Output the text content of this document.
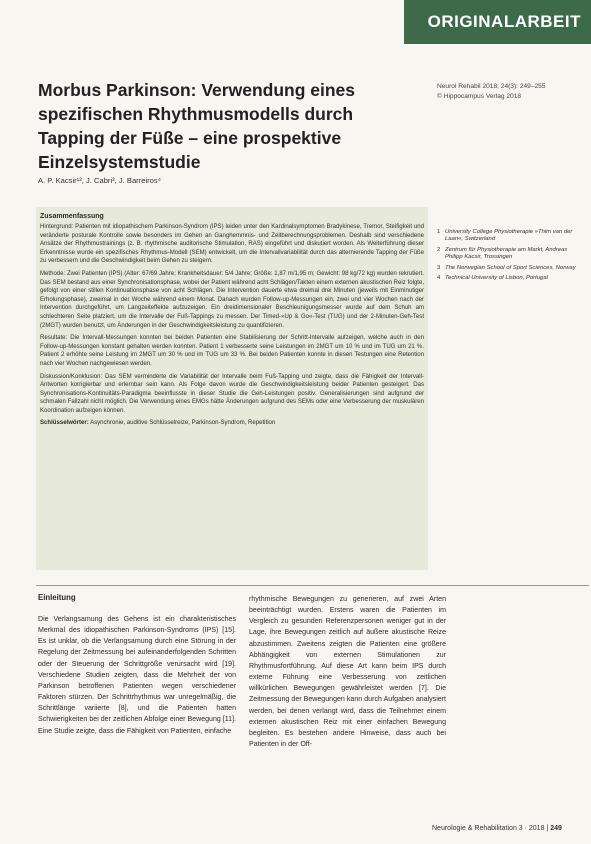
ORIGINALARBEIT
Morbus Parkinson: Verwendung eines spezifischen Rhythmusmodells durch Tapping der Füße – eine prospektive Einzelsystemstudie
A. P. Kacsir¹², J. Cabri³, J. Barreiros⁴
Neurol Rehabil 2018; 24(3): 249–255
© Hippocampus Verlag 2018
Zusammenfassung

Hintergrund: Patienten mit idiopathischem Parkinson-Syndrom (IPS) leiden unter den Kardinalsymptomen Bradykinese, Tremor, Steifigkeit und veränderte posturale Kontrolle sowie besonders im Gehen an Ganghemmnis- und Zeitberechnungsproblemen. Deshalb sind verschiedene Ansätze der Rhythmustrainings (z. B. rhythmische auditorische Stimulation, RAS) eingeführt und diskutiert worden. Als Weiterführung dieser Erkenntnisse wurde ein spezifisches Rhythmus-Modell (SEM) entwickelt, um die Intervallvariabilität durch das alternierende Tapping der Füße zu verbessern und die Geschwindigkeit beim Gehen zu steigern.

Methode: Zwei Patienten (IPS) (Alter: 67/69 Jahre; Krankheitsdauer: 5/4 Jahre; Größe: 1,87 m/1,95 m; Gewicht: 98 kg/72 kg) wurden rekrutiert. Das SEM bestand aus einer Synchronisationsphase, wobei der Patient während acht Schlägen/Takten einem externen akustischen Reiz folgte, gefolgt von einer stillen Kontinuationsphase von acht Schlägen. Die Intervention dauerte etwa dreimal drei Minuten (jeweils mit Einminutiger Erholungsphase), zweimal in der Woche während einem Monat. Danach wurden Follow-up-Messungen ein, zwei und vier Wochen nach der Intervention durchgeführt, um Langzeiteffekte aufzuzeigen. Ein dreidimensionaler Beschleunigungsmesser wurde auf dem Schuh am schlechteren Seite platziert, um die Intervalle der Fuß-Tappings zu messen. Der Timed-»Up & Go«-Test (TUG) und der 2-Minuten-Geh-Test (2MGT) wurden benutzt, um Änderungen in der Geschwindigkeitsleistung zu quantifizieren.

Resultate: Die Intervall-Messungen konnten bei beiden Patienten eine Stabilisierung der Schritt-Intervalle aufzeigen, welche auch in den Follow-up-Messungen konstant gehalten werden konnten. Patient 1 verbesserte seine Leistungen im 2MGT um 10 % und im TUG um 21 %. Patient 2 erhöhte seine Leistung im 2MGT um 30 % und im TUG um 33 %. Bei beiden Patienten konnte in diesen Testungen eine Retention nach vier Wochen nachgewiesen werden.

Diskussion/Konklusion: Das SEM verminderte die Variabilität der Intervalle beim Fuß-Tapping und zeigte, dass die Fähigkeit der Intervall-Antworten korrigierbar und erlernbar sein kann. Als Folge davon wurde die Geschwindigkeitsleistung beider Patienten gesteigert. Das Synchronisations-Kontinuitäts-Paradigma beeinflusste in dieser Studie die Geh-Leistungen positiv. Generalisierungen sind aufgrund der schmalen Fallzahl nicht möglich. Die Verwendung eines EMGs hätte Änderungen aufgrund des SEMs oder eine Verbesserung der muskulären Koordination aufzeigen können.

Schlüsselwörter: Asynchronie, auditive Schlüsselreize, Parkinson-Syndrom, Repetition
1 University College Physiotherapie »Thim van der Laan«, Switzerland
2 Zentrum für Physiotherapie am Markt, Andreas Philipp Kacsir, Trossingen
3 The Norwegian School of Sport Sciences, Norway
4 Technical University of Lisbon, Portugal
Einleitung

Die Verlangsamung des Gehens ist ein charakteristisches Merkmal des idiopathischen Parkinson-Syndroms (IPS) [15]. Es ist unklar, ob die Verlangsamung durch eine Störung in der Regelung der Zeitmessung bei aufeinanderfolgenden Schritten oder der Steuerung der Schrittgröße verursacht wird [19]. Verschiedene Studien zeigten, dass die Mehrheit der von Parkinson betroffenen Patienten wegen verschiedener Faktoren stürzen. Der Schrittrhythmus war unregelmäßig, die Schrittlänge variierte [8], und die Patienten hatten Schwierigkeiten bei der zeitlichen Abfolge einer Bewegung [11]. Eine Studie zeigte, dass die Fähigkeit von Patienten, einfache

rhythmische Bewegungen zu generieren, auf zwei Arten beeinträchtigt wurden. Erstens waren die Patienten im Vergleich zu gesunden Referenzpersonen weniger gut in der Lage, ihre Bewegungen zeitlich auf äußere akustische Reize abzustimmen. Zweitens zeigten die Patienten eine größere Abhängigkeit von externen Stimulationen zur Rhythmusfortführung. Auf diese Art kann beim IPS durch externe Führung eine Verbesserung von zeitlichen willkürlichen Bewegungen gewährleistet werden [7]. Die Zeitmessung der Bewegungen kann durch Aufgaben analysiert werden, bei denen verlangt wird, dass die Teilnehmer einem externen akustischen Reiz mit einer einfachen Bewegung begleiten. Es bestehen andere Hinweise, dass auch bei Patienten in der Off-

Neurologie & Rehabilitation 3 · 2018 | 249
